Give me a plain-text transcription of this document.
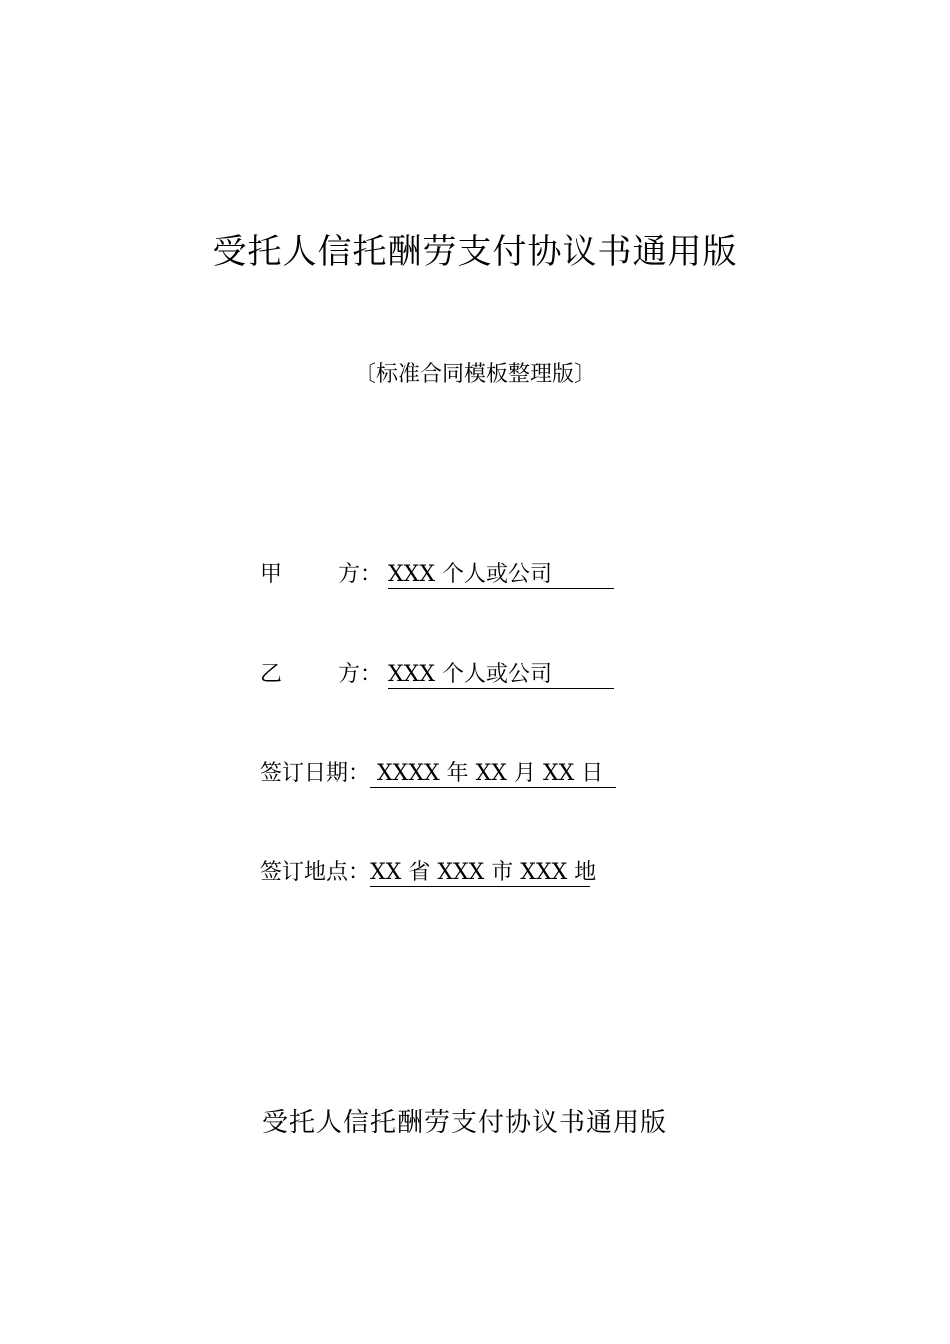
受托人信托酬劳支付协议书通用版
〔标准合同模板整理版〕
甲	方： XXX 个人或公司
乙	方： XXX 个人或公司
签订日期： XXXX 年 XX 月 XX 日
签订地点：XX 省 XXX 市 XXX 地
受托人信托酬劳支付协议书通用版
